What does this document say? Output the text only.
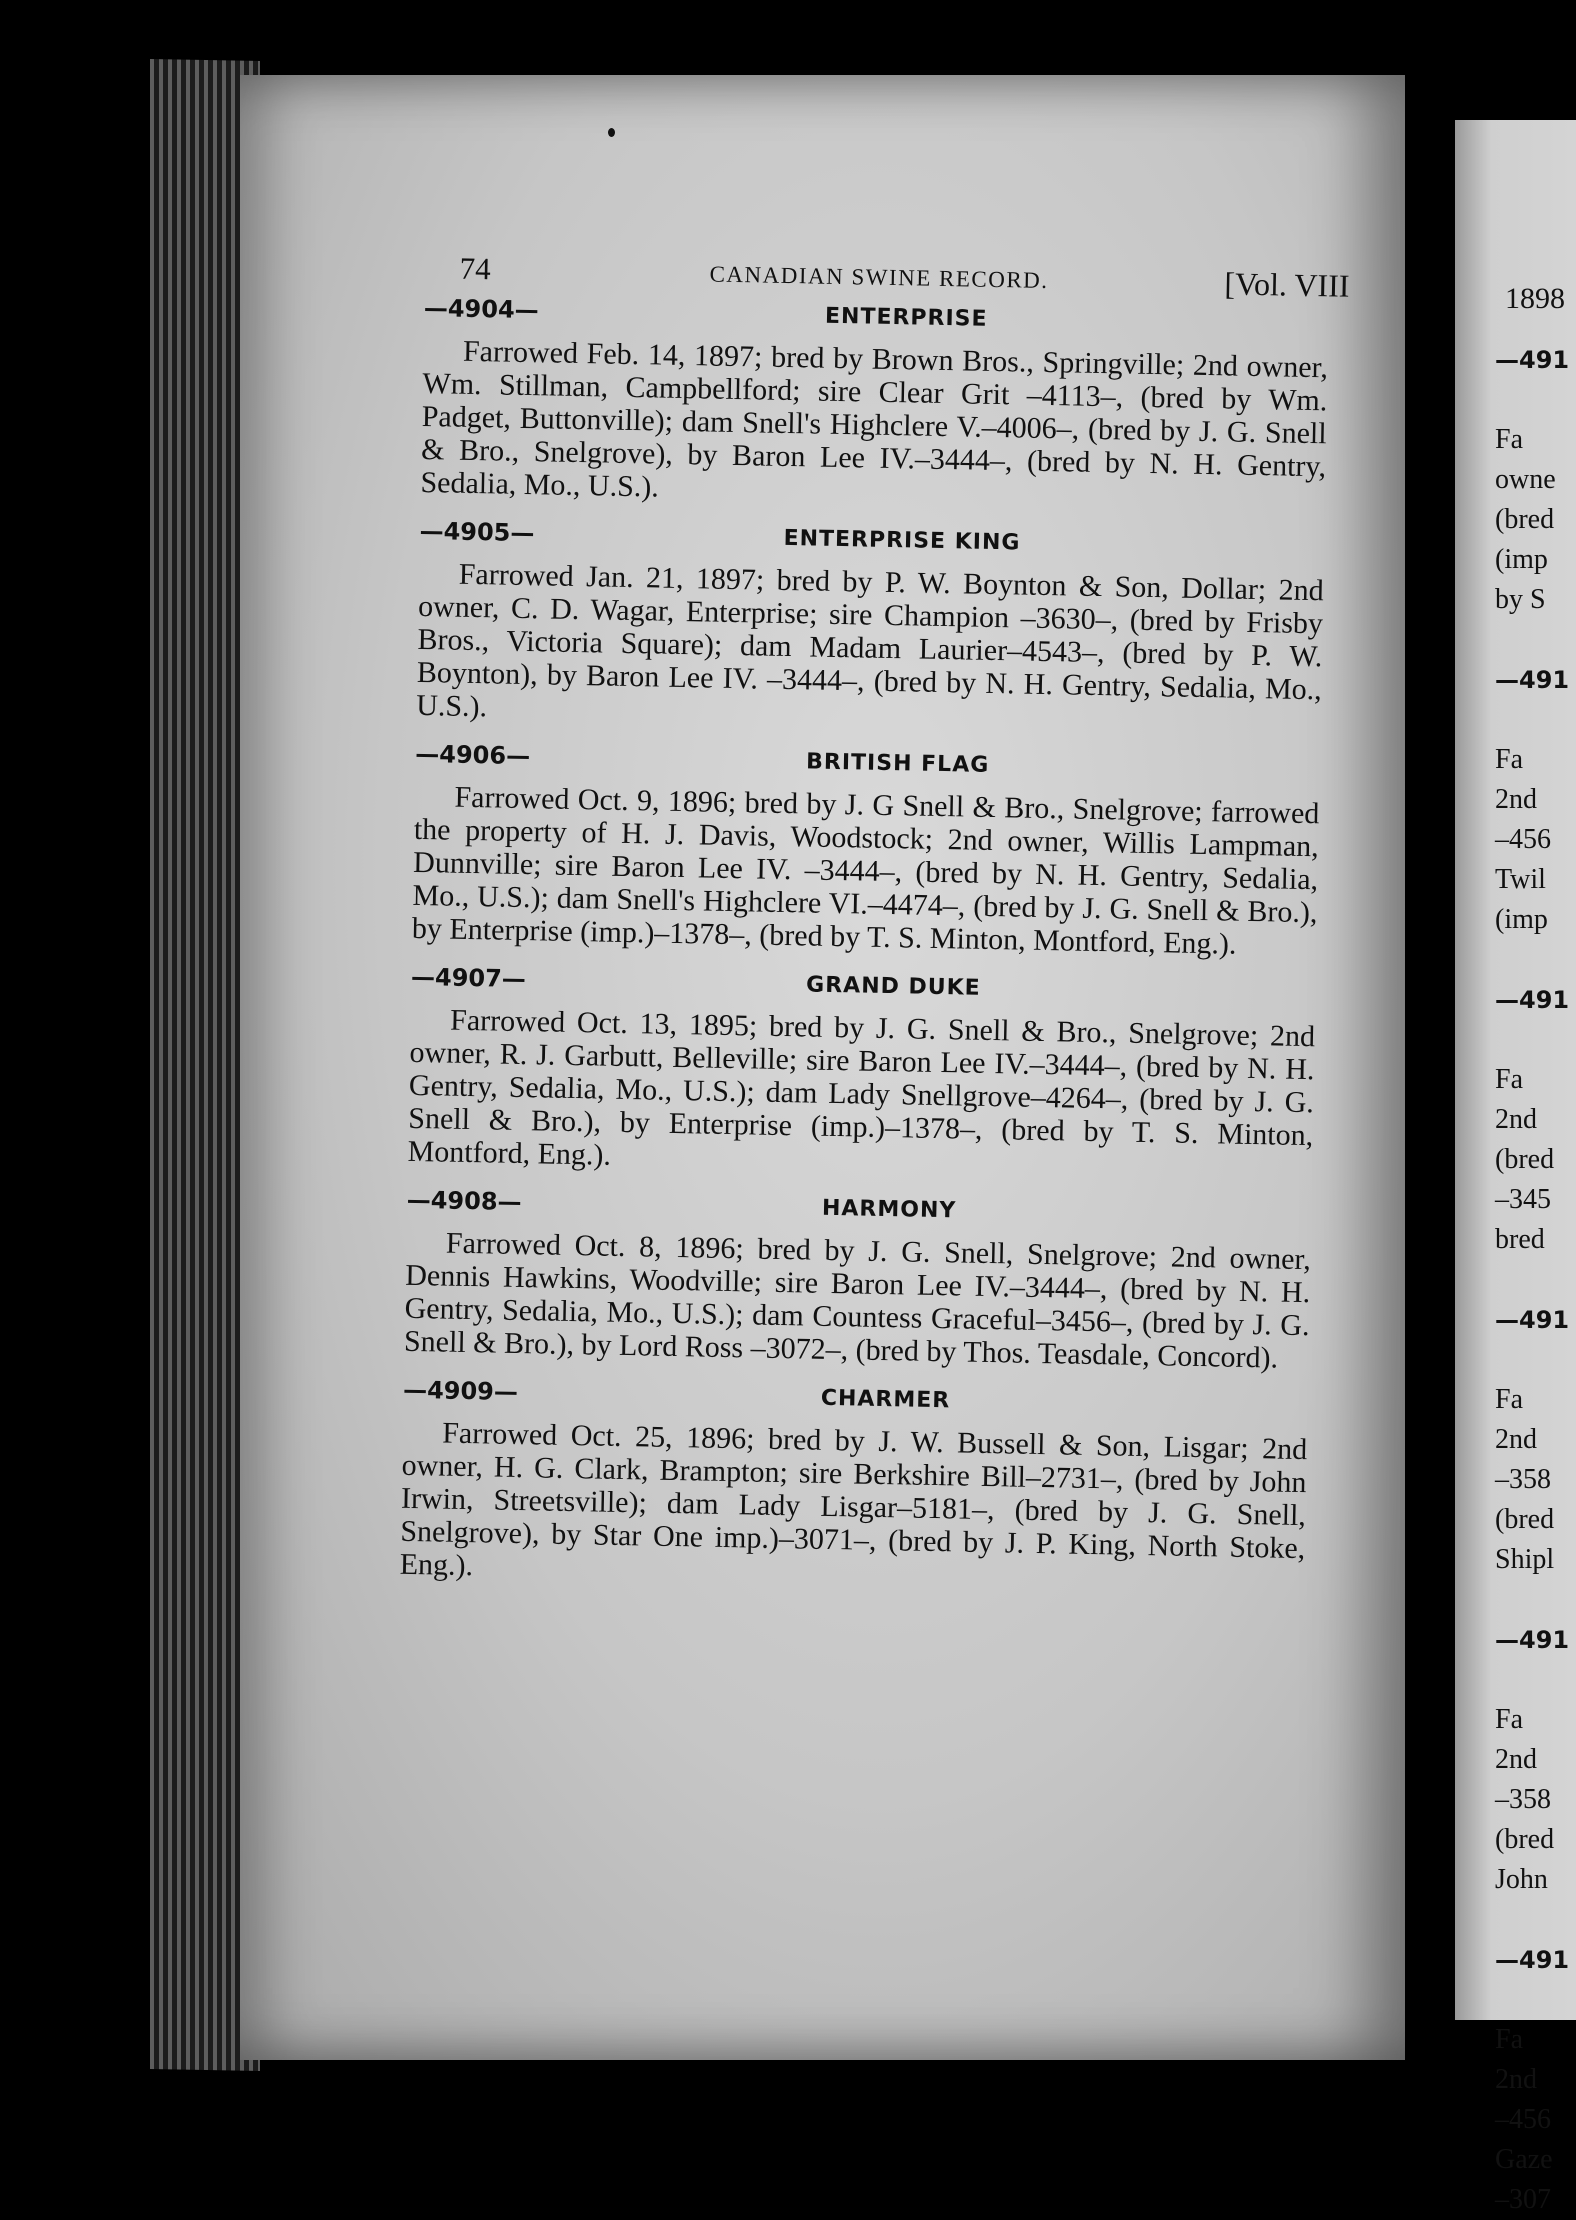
74	CANADIAN SWINE RECORD.	[Vol. VIII
—4904—	ENTERPRISE

Farrowed Feb. 14, 1897; bred by Brown Bros., Springville; 2nd owner, Wm. Stillman, Campbellford; sire Clear Grit –4113–, (bred by Wm. Padget, Buttonville); dam Snell's Highclere V.–4006–, (bred by J. G. Snell & Bro., Snelgrove), by Baron Lee IV.–3444–, (bred by N. H. Gentry, Sedalia, Mo., U.S.).

—4905—	ENTERPRISE KING

Farrowed Jan. 21, 1897; bred by P. W. Boynton & Son, Dollar; 2nd owner, C. D. Wagar, Enterprise; sire Champion –3630–, (bred by Frisby Bros., Victoria Square); dam Madam Laurier–4543–, (bred by P. W. Boynton), by Baron Lee IV. –3444–, (bred by N. H. Gentry, Sedalia, Mo., U.S.).

—4906—	BRITISH FLAG

Farrowed Oct. 9, 1896; bred by J. G Snell & Bro., Snelgrove; farrowed the property of H. J. Davis, Woodstock; 2nd owner, Willis Lampman, Dunnville; sire Baron Lee IV. –3444–, (bred by N. H. Gentry, Sedalia, Mo., U.S.); dam Snell's Highclere VI.–4474–, (bred by J. G. Snell & Bro.), by Enterprise (imp.)–1378–, (bred by T. S. Minton, Montford, Eng.).

—4907—	GRAND DUKE

Farrowed Oct. 13, 1895; bred by J. G. Snell & Bro., Snelgrove; 2nd owner, R. J. Garbutt, Belleville; sire Baron Lee IV.–3444–, (bred by N. H. Gentry, Sedalia, Mo., U.S.); dam Lady Snellgrove–4264–, (bred by J. G. Snell & Bro.), by Enterprise (imp.)–1378–, (bred by T. S. Minton, Montford, Eng.).

—4908—	HARMONY

Farrowed Oct. 8, 1896; bred by J. G. Snell, Snelgrove; 2nd owner, Dennis Hawkins, Woodville; sire Baron Lee IV.–3444–, (bred by N. H. Gentry, Sedalia, Mo., U.S.); dam Countess Graceful–3456–, (bred by J. G. Snell & Bro.), by Lord Ross –3072–, (bred by Thos. Teasdale, Concord).

—4909—	CHARMER

Farrowed Oct. 25, 1896; bred by J. W. Bussell & Son, Lisgar; 2nd owner, H. G. Clark, Brampton; sire Berkshire Bill–2731–, (bred by John Irwin, Streetsville); dam Lady Lisgar–5181–, (bred by J. G. Snell, Snelgrove), by Star One imp.)–3071–, (bred by J. P. King, North Stoke, Eng.).

1898
—491
Fa
owne
(bred
(imp
by S
—491
Fa
2nd
–456
Twil
(imp
—491
Fa
2nd
(bred
–345
bred
—491
Fa
2nd
–358
(bred
Shipl
—491
Fa
2nd
–358
(bred
John
—491
Fa
2nd
–456
Gaze
–307
